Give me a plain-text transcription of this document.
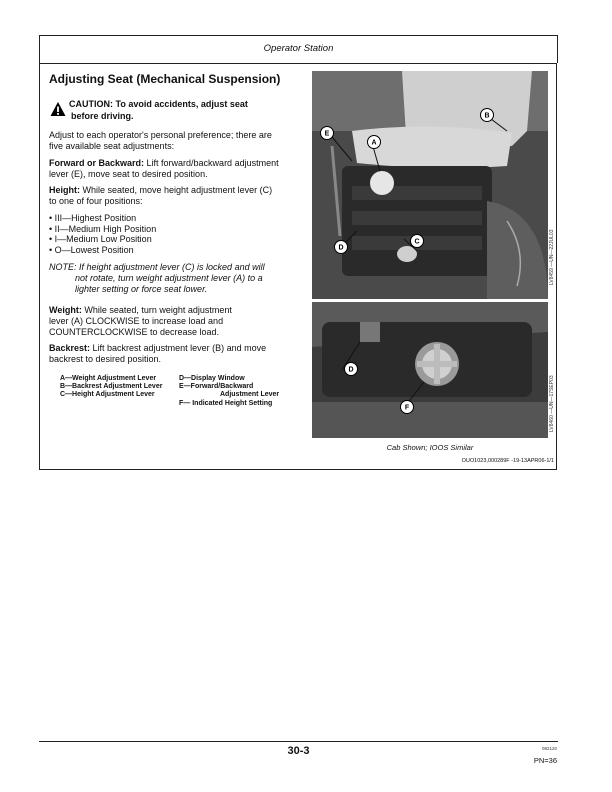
Operator Station
Adjusting Seat (Mechanical Suspension)
CAUTION: To avoid accidents, adjust seat
before driving.
Adjust to each operator's personal preference; there are
five available seat adjustments:
Forward or Backward: Lift forward/backward adjustment
lever (E), move seat to desired position.
Height: While seated, move height adjustment lever (C)
to one of four positions:
• III—Highest Position
• II—Medium High Position
• I—Medium Low Position
• O—Lowest Position
NOTE: If height adjustment lever (C) is locked and will
not rotate, turn weight adjustment lever (A) to a
lighter setting or force seat lower.
Weight: While seated, turn weight adjustment
lever (A) CLOCKWISE to increase load and
COUNTERCLOCKWISE to decrease load.
Backrest: Lift backrest adjustment lever (B) and move
backrest to desired position.
A—Weight Adjustment Lever
B—Backrest Adjustment Lever
C—Height Adjustment Lever
D—Display Window
E—Forward/Backward
Adjustment Lever
F— Indicated Height Setting
E
A
B
C
D	LV8459 —UN—22JUL03
D
F	LV8460 —UN—17SEP03
Cab Shown; IOOS Similar
OUO1023,000289F -19-13APR06-1/1
30-3	082120
PN=36
